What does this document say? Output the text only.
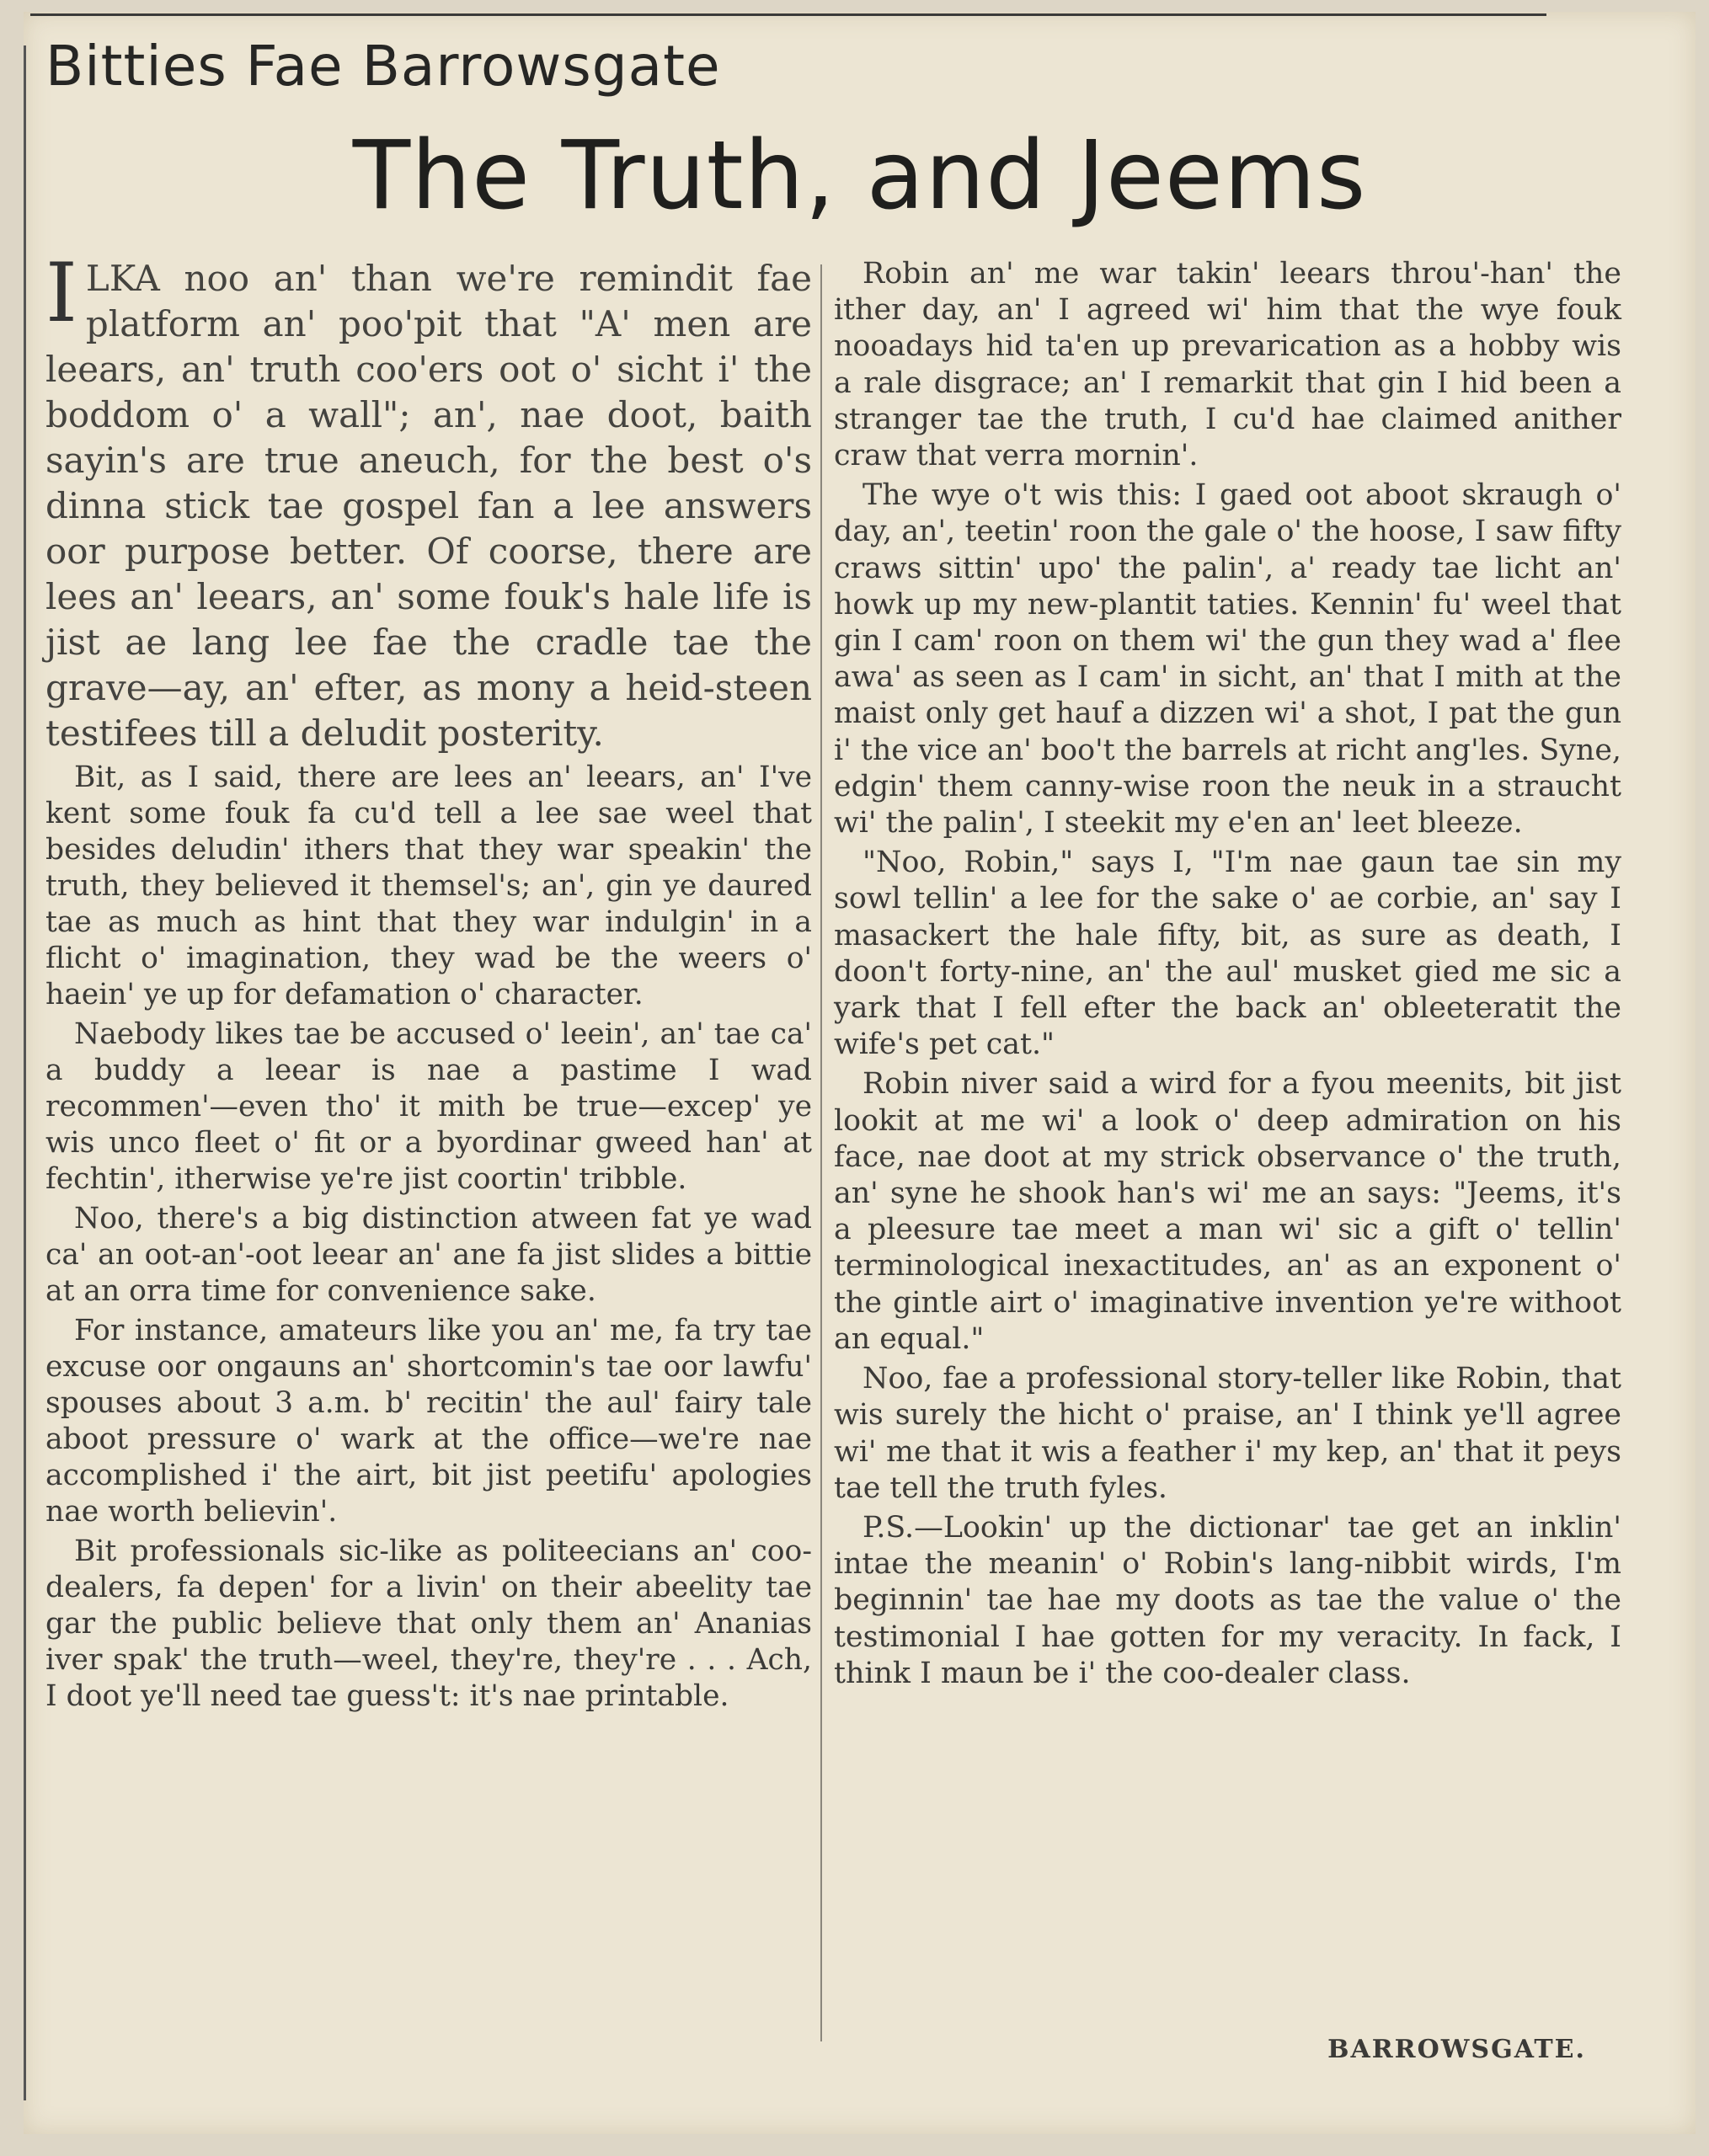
Bitties Fae Barrowsgate
The Truth, and Jeems

ILKA noo an' than we're remindit fae platform an' poo'pit that "A' men are leears, an' truth coo'ers oot o' sicht i' the boddom o' a wall"; an', nae doot, baith sayin's are true aneuch, for the best o's dinna stick tae gospel fan a lee answers oor purpose better. Of coorse, there are lees an' leears, an' some fouk's hale life is jist ae lang lee fae the cradle tae the grave—ay, an' efter, as mony a heid-steen testifees till a deludit posterity.

Bit, as I said, there are lees an' leears, an' I've kent some fouk fa cu'd tell a lee sae weel that besides deludin' ithers that they war speakin' the truth, they believed it themsel's; an', gin ye daured tae as much as hint that they war indulgin' in a flicht o' imagination, they wad be the weers o' haein' ye up for defamation o' character.

Naebody likes tae be accused o' leein', an' tae ca' a buddy a leear is nae a pastime I wad recommen'—even tho' it mith be true—excep' ye wis unco fleet o' fit or a byordinar gweed han' at fechtin', itherwise ye're jist coortin' tribble.

Noo, there's a big distinction atween fat ye wad ca' an oot-an'-oot leear an' ane fa jist slides a bittie at an orra time for convenience sake.

For instance, amateurs like you an' me, fa try tae excuse oor ongauns an' shortcomin's tae oor lawfu' spouses about 3 a.m. b' recitin' the aul' fairy tale aboot pressure o' wark at the office—we're nae accomplished i' the airt, bit jist peetifu' apologies nae worth believin'.

Bit professionals sic-like as politeecians an' coo-dealers, fa depen' for a livin' on their abeelity tae gar the public believe that only them an' Ananias iver spak' the truth—weel, they're, they're . . . Ach, I doot ye'll need tae guess't: it's nae printable.

Robin an' me war takin' leears throu'-han' the ither day, an' I agreed wi' him that the wye fouk nooadays hid ta'en up prevarication as a hobby wis a rale disgrace; an' I remarkit that gin I hid been a stranger tae the truth, I cu'd hae claimed anither craw that verra mornin'.

The wye o't wis this: I gaed oot aboot skraugh o' day, an', teetin' roon the gale o' the hoose, I saw fifty craws sittin' upo' the palin', a' ready tae licht an' howk up my new-plantit taties. Kennin' fu' weel that gin I cam' roon on them wi' the gun they wad a' flee awa' as seen as I cam' in sicht, an' that I mith at the maist only get hauf a dizzen wi' a shot, I pat the gun i' the vice an' boo't the barrels at richt ang'les. Syne, edgin' them canny-wise roon the neuk in a straucht wi' the palin', I steekit my e'en an' leet bleeze.

"Noo, Robin," says I, "I'm nae gaun tae sin my sowl tellin' a lee for the sake o' ae corbie, an' say I masackert the hale fifty, bit, as sure as death, I doon't forty-nine, an' the aul' musket gied me sic a yark that I fell efter the back an' obleeteratit the wife's pet cat."

Robin niver said a wird for a fyou meenits, bit jist lookit at me wi' a look o' deep admiration on his face, nae doot at my strick observance o' the truth, an' syne he shook han's wi' me an says: "Jeems, it's a pleesure tae meet a man wi' sic a gift o' tellin' terminological inexactitudes, an' as an exponent o' the gintle airt o' imaginative invention ye're withoot an equal."

Noo, fae a professional story-teller like Robin, that wis surely the hicht o' praise, an' I think ye'll agree wi' me that it wis a feather i' my kep, an' that it peys tae tell the truth fyles.

P.S.—Lookin' up the dictionar' tae get an inklin' intae the meanin' o' Robin's lang-nibbit wirds, I'm beginnin' tae hae my doots as tae the value o' the testimonial I hae gotten for my veracity. In fack, I think I maun be i' the coo-dealer class.

BARROWSGATE.
